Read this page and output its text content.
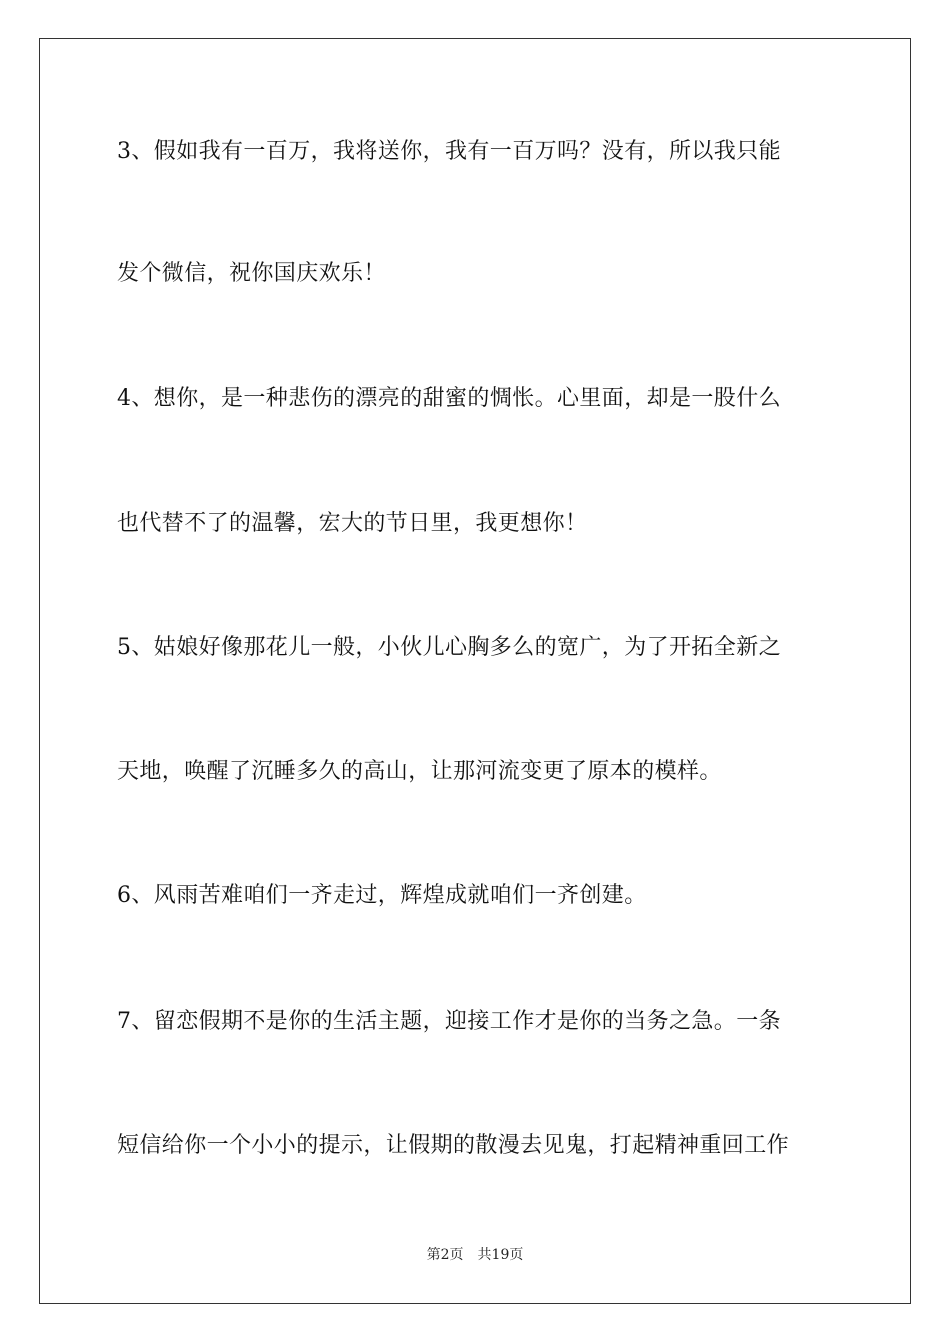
3、假如我有一百万，我将送你，我有一百万吗？没有，所以我只能
发个微信，祝你国庆欢乐！
4、想你，是一种悲伤的漂亮的甜蜜的惆怅。心里面，却是一股什么
也代替不了的温馨，宏大的节日里，我更想你！
5、姑娘好像那花儿一般，小伙儿心胸多么的宽广，为了开拓全新之
天地，唤醒了沉睡多久的高山，让那河流变更了原本的模样。
6、风雨苦难咱们一齐走过，辉煌成就咱们一齐创建。
7、留恋假期不是你的生活主题，迎接工作才是你的当务之急。一条
短信给你一个小小的提示，让假期的散漫去见鬼，打起精神重回工作
第2页 共19页
